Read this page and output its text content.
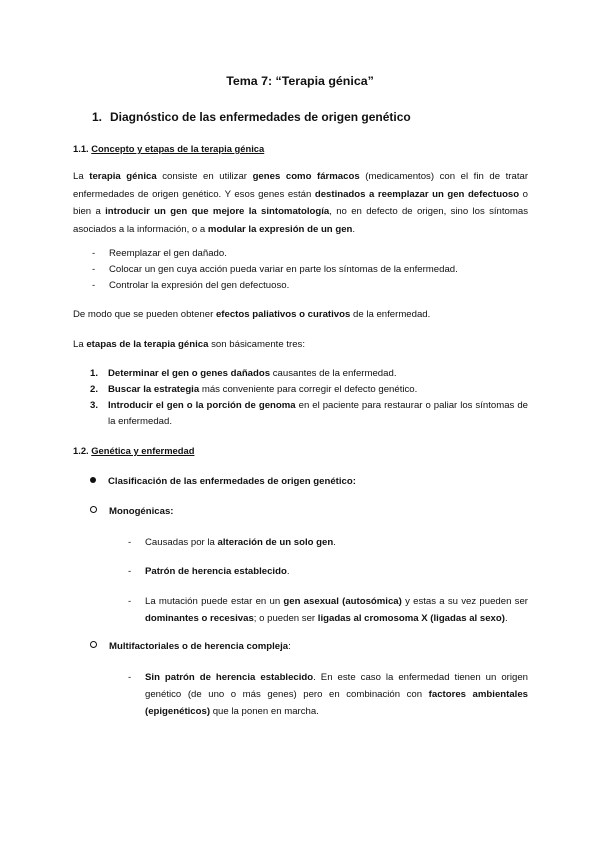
Tema 7: “Terapia génica”
1. Diagnóstico de las enfermedades de origen genético
1.1. Concepto y etapas de la terapia génica
La terapia génica consiste en utilizar genes como fármacos (medicamentos) con el fin de tratar enfermedades de origen genético. Y esos genes están destinados a reemplazar un gen defectuoso o bien a introducir un gen que mejore la sintomatología, no en defecto de origen, sino los síntomas asociados a la información, o a modular la expresión de un gen.
- Reemplazar el gen dañado.
- Colocar un gen cuya acción pueda variar en parte los síntomas de la enfermedad.
- Controlar la expresión del gen defectuoso.
De modo que se pueden obtener efectos paliativos o curativos de la enfermedad.
La etapas de la terapia génica son básicamente tres:
1. Determinar el gen o genes dañados causantes de la enfermedad.
2. Buscar la estrategia más conveniente para corregir el defecto genético.
3. Introducir el gen o la porción de genoma en el paciente para restaurar o paliar los síntomas de la enfermedad.
1.2. Genética y enfermedad
Clasificación de las enfermedades de origen genético:
Monogénicas:
- Causadas por la alteración de un solo gen.
- Patrón de herencia establecido.
- La mutación puede estar en un gen asexual (autosómica) y estas a su vez pueden ser dominantes o recesivas; o pueden ser ligadas al cromosoma X (ligadas al sexo).
Multifactoriales o de herencia compleja:
- Sin patrón de herencia establecido. En este caso la enfermedad tienen un origen genético (de uno o más genes) pero en combinación con factores ambientales (epigenéticos) que la ponen en marcha.
